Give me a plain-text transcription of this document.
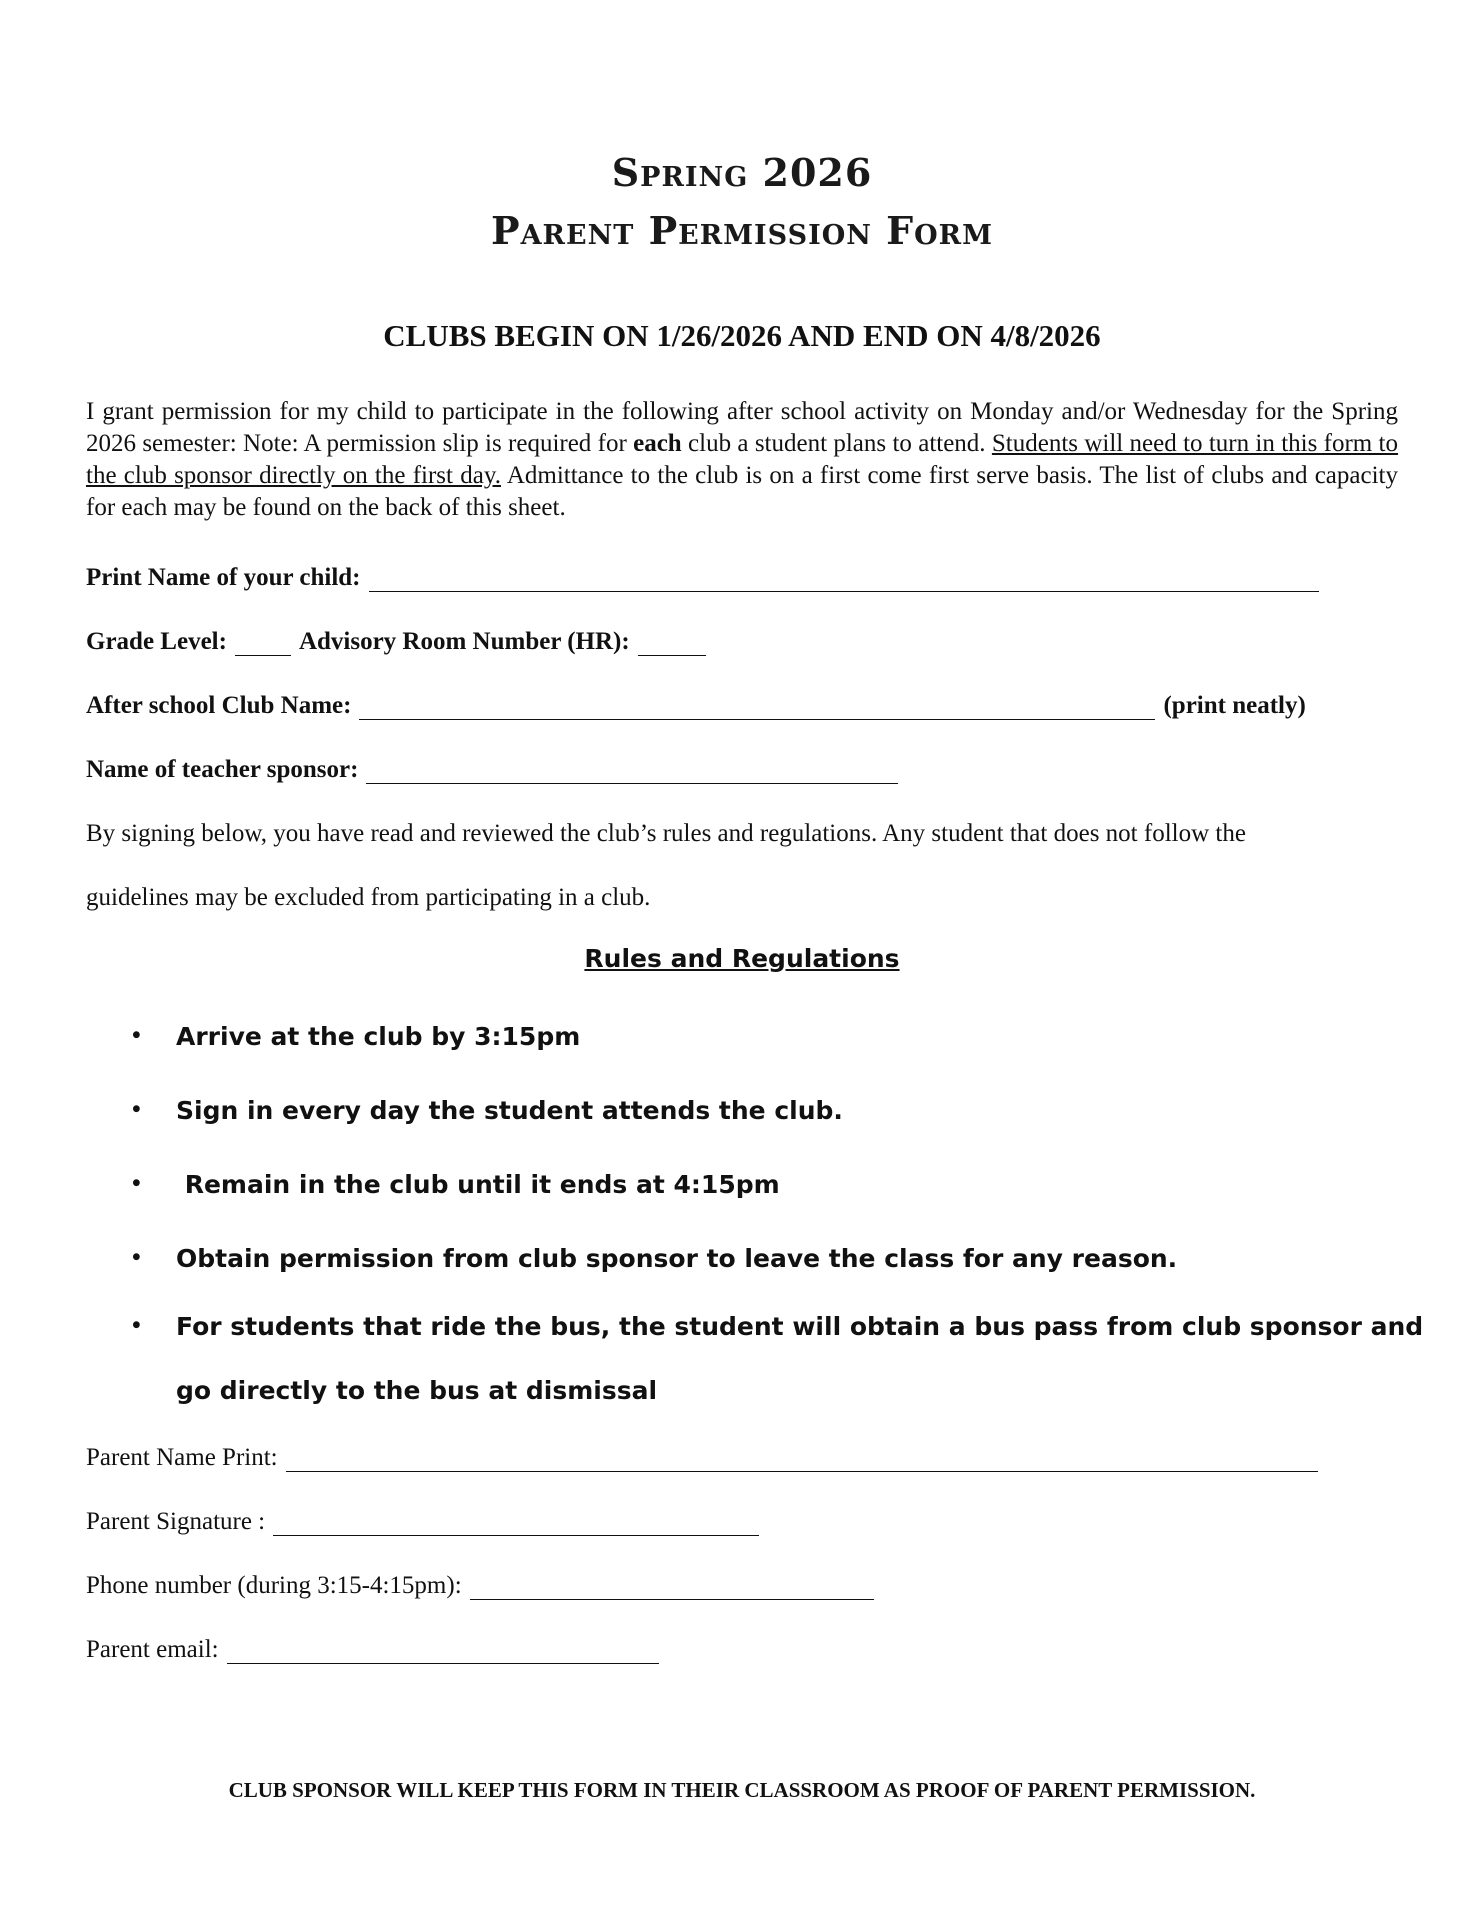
Spring 2026
Parent Permission Form
CLUBS BEGIN ON 1/26/2026 AND END ON 4/8/2026

I grant permission for my child to participate in the following after school activity on Monday and/or Wednesday for the Spring 2026 semester: Note: A permission slip is required for each club a student plans to attend. Students will need to turn in this form to the club sponsor directly on the first day. Admittance to the club is on a first come first serve basis. The list of clubs and capacity for each may be found on the back of this sheet.

Print Name of your child:
Grade Level:	Advisory Room Number (HR):
After school Club Name:	(print neatly)
Name of teacher sponsor:

By signing below, you have read and reviewed the club’s rules and regulations. Any student that does not follow the

guidelines may be excluded from participating in a club.

Rules and Regulations
• Arrive at the club by 3:15pm
• Sign in every day the student attends the club.
•  Remain in the club until it ends at 4:15pm
• Obtain permission from club sponsor to leave the class for any reason.
• For students that ride the bus, the student will obtain a bus pass from club sponsor and
go directly to the bus at dismissal
Parent Name Print:
Parent Signature :
Phone number (during 3:15-4:15pm):
Parent email:
CLUB SPONSOR WILL KEEP THIS FORM IN THEIR CLASSROOM AS PROOF OF PARENT PERMISSION.
